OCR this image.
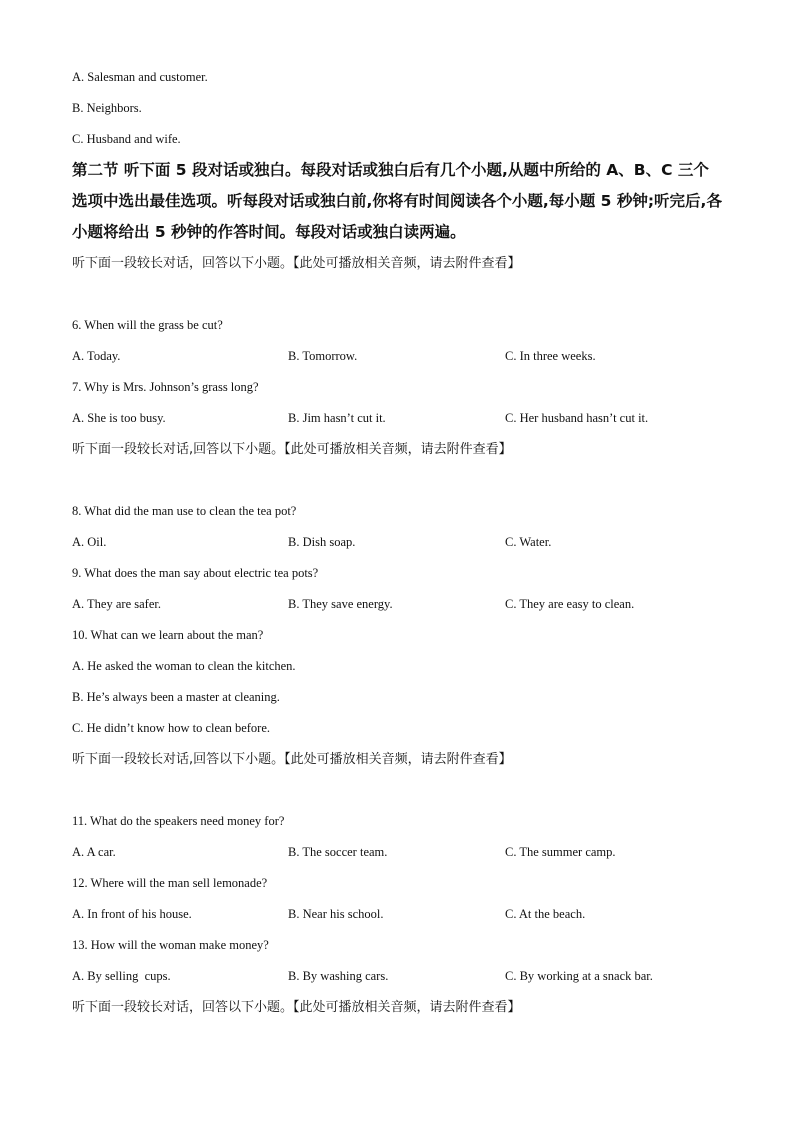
A. Salesman and customer.
B. Neighbors.
C. Husband and wife.
第二节 听下面 5 段对话或独白。每段对话或独白后有几个小题,从题中所给的 A、B、C 三个选项中选出最佳选项。听每段对话或独白前,你将有时间阅读各个小题,每小题 5 秒钟;听完后,各小题将给出 5 秒钟的作答时间。每段对话或独白读两遍。
听下面一段较长对话，回答以下小题。【此处可播放相关音频，请去附件查看】
6. When will the grass be cut?
A. Today.	B. Tomorrow.	C. In three weeks.
7. Why is Mrs. Johnson’s grass long?
A. She is too busy.	B. Jim hasn’t cut it.	C. Her husband hasn’t cut it.
听下面一段较长对话,回答以下小题。【此处可播放相关音频，请去附件查看】
8. What did the man use to clean the tea pot?
A. Oil.	B. Dish soap.	C. Water.
9. What does the man say about electric tea pots?
A. They are safer.	B. They save energy.	C. They are easy to clean.
10. What can we learn about the man?
A. He asked the woman to clean the kitchen.
B. He’s always been a master at cleaning.
C. He didn’t know how to clean before.
听下面一段较长对话,回答以下小题。【此处可播放相关音频，请去附件查看】
11. What do the speakers need money for?
A. A car.	B. The soccer team.	C. The summer camp.
12. Where will the man sell lemonade?
A. In front of his house.	B. Near his school.	C. At the beach.
13. How will the woman make money?
A. By selling  cups.	B. By washing cars.	C. By working at a snack bar.
听下面一段较长对话，回答以下小题。【此处可播放相关音频，请去附件查看】
